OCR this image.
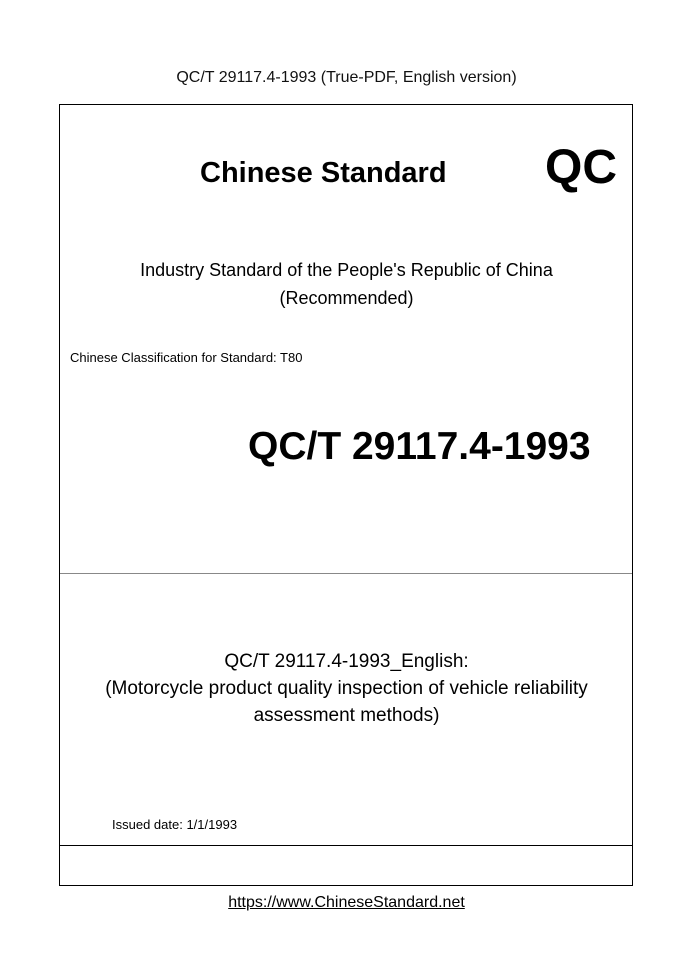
QC/T 29117.4-1993 (True-PDF, English version)
Chinese Standard QC
Industry Standard of the People's Republic of China
(Recommended)
Chinese Classification for Standard: T80
QC/T 29117.4-1993
QC/T 29117.4-1993_English:
(Motorcycle product quality inspection of vehicle reliability
assessment methods)
Issued date: 1/1/1993
https://www.ChineseStandard.net
